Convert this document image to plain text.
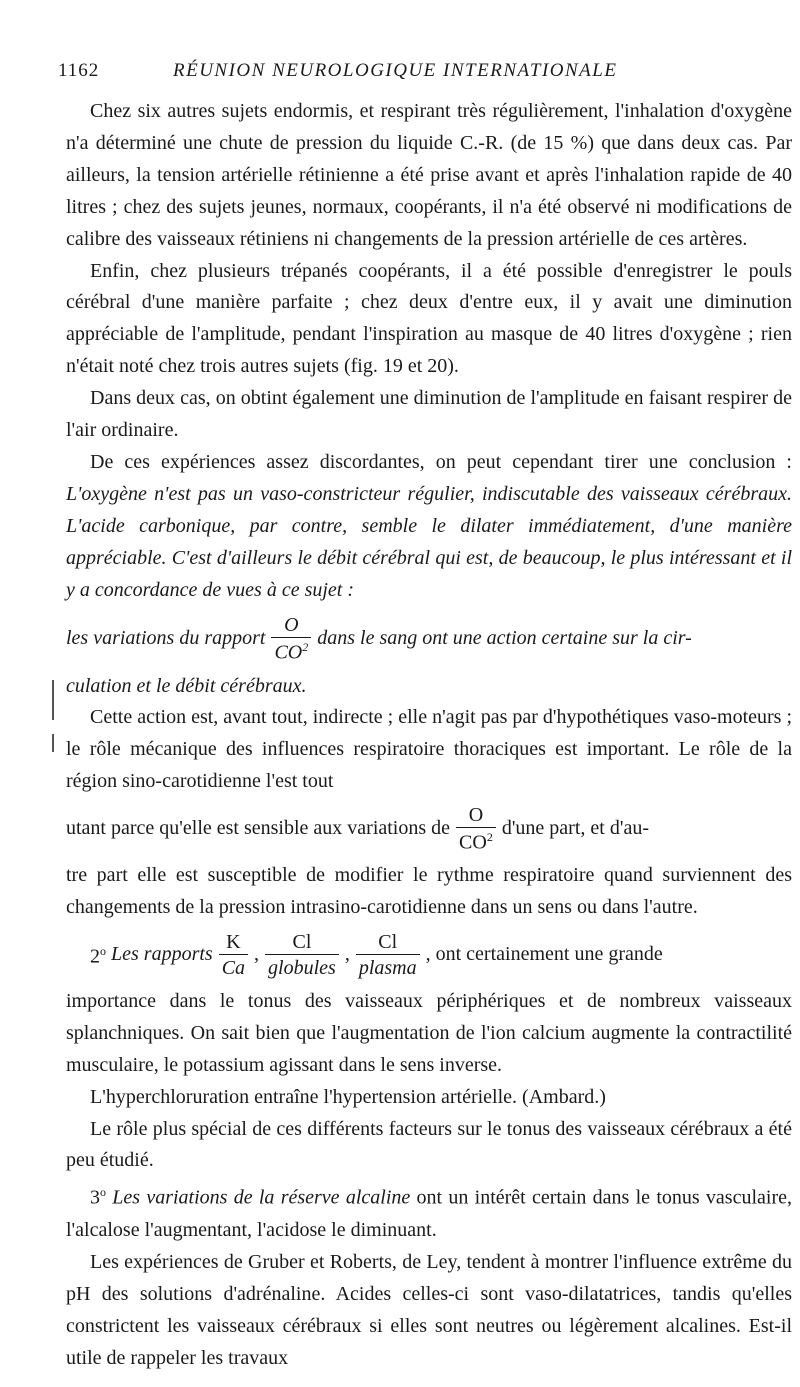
1162	RÉUNION NEUROLOGIQUE INTERNATIONALE

Chez six autres sujets endormis, et respirant très régulièrement, l'inhalation d'oxygène n'a déterminé une chute de pression du liquide C.-R. (de 15 %) que dans deux cas. Par ailleurs, la tension artérielle rétinienne a été prise avant et après l'inhalation rapide de 40 litres ; chez des sujets jeunes, normaux, coopérants, il n'a été observé ni modifications de calibre des vaisseaux rétiniens ni changements de la pression artérielle de ces artères.

Enfin, chez plusieurs trépanés coopérants, il a été possible d'enregistrer le pouls cérébral d'une manière parfaite ; chez deux d'entre eux, il y avait une diminution appréciable de l'amplitude, pendant l'inspiration au masque de 40 litres d'oxygène ; rien n'était noté chez trois autres sujets (fig. 19 et 20).

Dans deux cas, on obtint également une diminution de l'amplitude en faisant respirer de l'air ordinaire.

De ces expériences assez discordantes, on peut cependant tirer une conclusion : L'oxygène n'est pas un vaso-constricteur régulier, indiscutable des vaisseaux cérébraux. L'acide carbonique, par contre, semble le dilater immédiatement, d'une manière appréciable. C'est d'ailleurs le débit cérébral qui est, de beaucoup, le plus intéressant et il y a concordance de vues à ce sujet :

les variations du rapport $\frac{O}{CO^2}$ dans le sang ont une action certaine sur la cir-

culation et le débit cérébraux.

Cette action est, avant tout, indirecte ; elle n'agit pas par d'hypothétiques vaso-moteurs ; le rôle mécanique des influences respiratoire thoraciques est important. Le rôle de la région sino-carotidienne l'est tout

utant parce qu'elle est sensible aux variations de $\frac{O}{CO^2} d'une$ part, et d'au-

tre part elle est susceptible de modifier le rythme respiratoire quand surviennent des changements de la pression intrasino-carotidienne dans un sens ou dans l'autre.

2$^o$
Les rapports $\frac{K}{Ca}$ , $\frac{Cl}{\text{globules}}$ , $\frac{Cl}{\text{plasma}}$ ,
ont certainement une grande

importance dans le tonus des vaisseaux périphériques et de nombreux vaisseaux splanchniques. On sait bien que l'augmentation de l'ion calcium augmente la contractilité musculaire, le potassium agissant dans le sens inverse.

L'hyperchloruration entraîne l'hypertension artérielle. (Ambard.)

Le rôle plus spécial de ces différents facteurs sur le tonus des vaisseaux cérébraux a été peu étudié.

3$^o$ Les variations de la réserve alcaline ont un intérêt certain dans le tonus vasculaire, l'alcalose l'augmentant, l'acidose le diminuant.

Les expériences de Gruber et Roberts, de Ley, tendent à montrer l'influence extrême du pH des solutions d'adrénaline. Acides celles-ci sont vaso-dilatatrices, tandis qu'elles constrictent les vaisseaux cérébraux si elles sont neutres ou légèrement alcalines. Est-il utile de rappeler les travaux
